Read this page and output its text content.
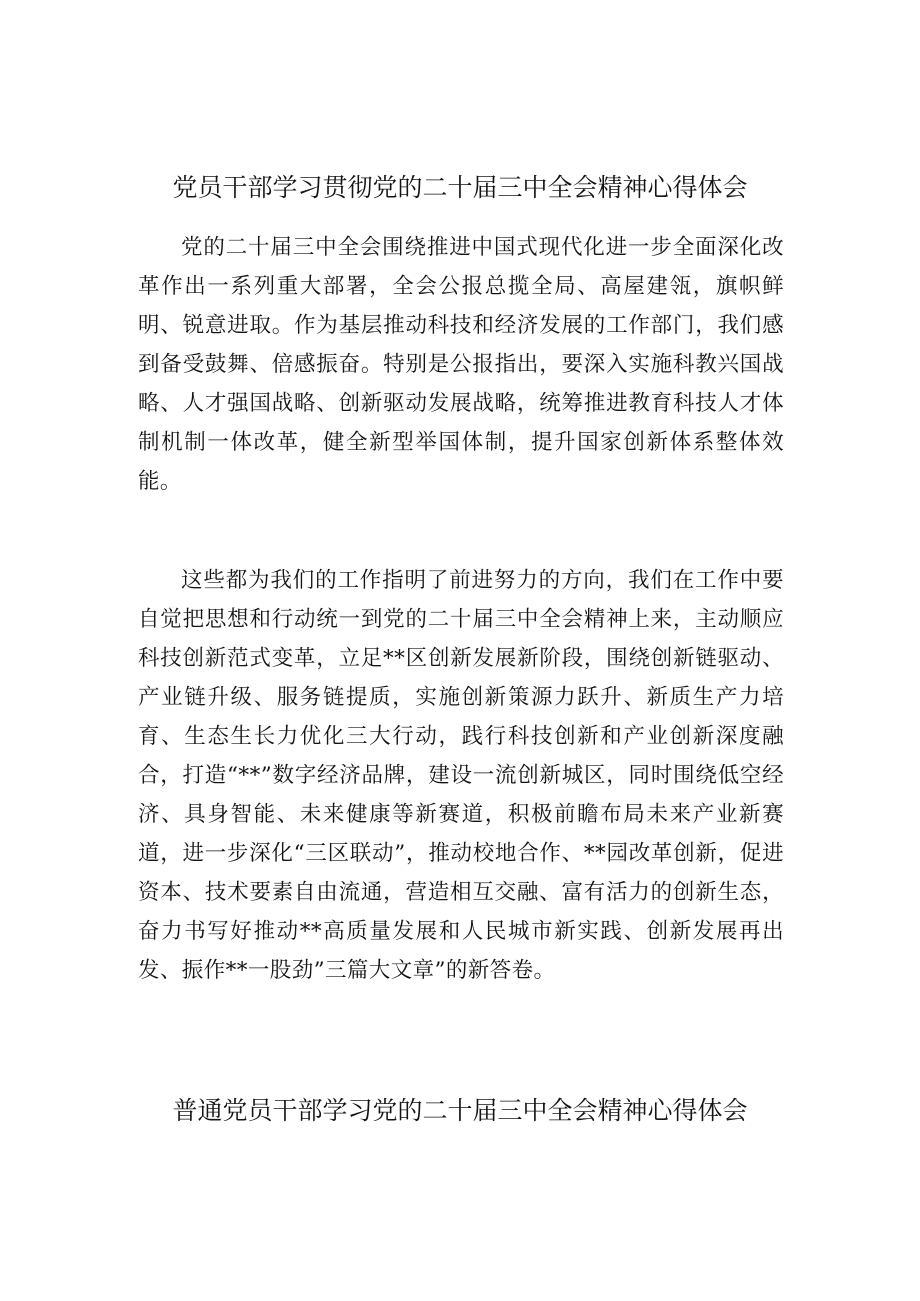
党员干部学习贯彻党的二十届三中全会精神心得体会

党的二十届三中全会围绕推进中国式现代化进一步全面深化改革作出一系列重大部署，全会公报总揽全局、高屋建瓴，旗帜鲜明、锐意进取。作为基层推动科技和经济发展的工作部门，我们感到备受鼓舞、倍感振奋。特别是公报指出，要深入实施科教兴国战略、人才强国战略、创新驱动发展战略，统筹推进教育科技人才体制机制一体改革，健全新型举国体制，提升国家创新体系整体效能。

这些都为我们的工作指明了前进努力的方向，我们在工作中要自觉把思想和行动统一到党的二十届三中全会精神上来，主动顺应科技创新范式变革，立足**区创新发展新阶段，围绕创新链驱动、产业链升级、服务链提质，实施创新策源力跃升、新质生产力培育、生态生长力优化三大行动，践行科技创新和产业创新深度融合，打造“**”数字经济品牌，建设一流创新城区，同时围绕低空经济、具身智能、未来健康等新赛道，积极前瞻布局未来产业新赛道，进一步深化“三区联动”，推动校地合作、**园改革创新，促进资本、技术要素自由流通，营造相互交融、富有活力的创新生态，奋力书写好推动**高质量发展和人民城市新实践、创新发展再出发、振作**一股劲”三篇大文章”的新答卷。

普通党员干部学习党的二十届三中全会精神心得体会
